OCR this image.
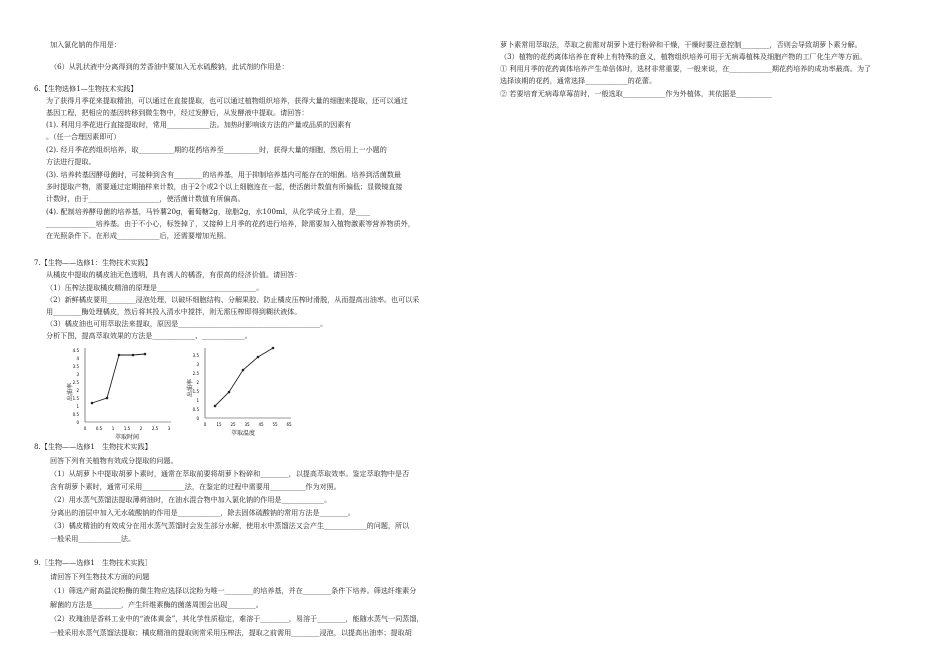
加入氯化钠的作用是：
（6）从乳状液中分离得到的芳香油中要加入无水硫酸钠，此试剂的作用是：
6.【生物选修1—生物技术实践】
为了获得月季花来提取精油，可以通过在直接提取，也可以通过植物组织培养，获得大量的细胞来提取，还可以通过
基因工程，把相应的基因转移到微生物中，经过发酵后，从发酵液中提取。请回答：
(1). 利用月季花进行直接提取时，常用____________法。加热时影响该方法的产量或品质的因素有
。（任一合理因素即可）
(2). 经月季花药组织培养，取__________期的花药培养至__________时，获得大量的细胞，然后用上一小题的
方法进行提取。
(3). 培养转基因酵母菌时，可接种到含有________的培养基，用于抑制培养基内可能存在的细菌。培养到活菌数最
多时提取产物，需要通过定期抽样来计数，由于2个或2个以上细胞连在一起，使活菌计数值有所偏低；显微镜直接
计数时，由于____________________，使活菌计数值有所偏高。
(4). 配制培养酵母菌的培养基，马铃薯20g，葡萄糖2g，琼脂2g，水100ml，从化学成分上看，是____
______________培养基。由于不小心，标签掉了，又接种上月季的花药进行培养，除需要加入植物激素等营养物质外，
在光照条件下。在形成____________后，还需要增加光照。
7.【生物——选修1：生物技术实践】
从橘皮中提取的橘皮油无色透明，具有诱人的橘香，有很高的经济价值。请回答：
（1）压榨法提取橘皮精油的原理是____________________________。
（2）新鲜橘皮要用________浸泡处理，以破坏细胞结构、分解果胶、防止橘皮压榨时滑脱，从而提高出油率。也可以采
用________酶处理橘皮，然后将其投入清水中搅拌，则无需压榨即得到糊状液体。
（3）橘皮油也可用萃取法来提取，原因是________________________________________。
分析下图，提高萃取效果的方法是____________、____________。
出油率
0
0.5
1
1.5
2
2.5
3
3.5
4
4.5
0 0.5 1 1.5 2 2.5 3
萃取时间
出油率
0
0.5
1
1.5
2
2.5
3
3.5
0	15 25 35 45 55 65
萃取温度
8.【生物——选修1　生物技术实践】
回答下列有关植物有效成分提取的问题。
（1）从胡萝卜中提取胡萝卜素时，通常在萃取前要将胡萝卜粉碎和________，以提高萃取效率。鉴定萃取物中是否
含有胡萝卜素时，通常可采用____________法，在鉴定的过程中需要用__________作为对照。
（2）用水蒸气蒸馏法提取薄荷油时，在油水混合物中加入氯化钠的作用是____________。
分离出的油层中加入无水硫酸钠的作用是____________，除去固体硫酸钠的常用方法是________。
（3）橘皮精油的有效成分在用水蒸气蒸馏时会发生部分水解，使用水中蒸馏法又会产生____________的问题，所以
一般采用____________法。
9.［生物——选修1　生物技术实践］
请回答下列生物技术方面的问题
（1）筛选产耐高温淀粉酶的微生物应选择以淀粉为唯一________的培养基，并在________条件下培养。筛选纤维素分
解菌的方法是________，产生纤维素酶的菌落周围会出现________。
（2）玫瑰油是香料工业中的“液体黄金”，其化学性质稳定，难溶于________，易溶于________，能随水蒸气一同蒸馏，
一般采用水蒸气蒸馏法提取；橘皮精油的提取则常采用压榨法，提取之前需用________浸泡，以提高出油率；提取胡
萝卜素常用萃取法，萃取之前需对胡萝卜进行粉碎和干燥，干燥时要注意控制________，否则会导致胡萝卜素分解。
（3）植物的花药离体培养在育种上有特殊的意义，植物组织培养可用于无病毒植株及细胞产物的工厂化生产等方面。
① 利用月季的花药离体培养产生单倍体时，选材非常重要，一般来说，在____________期花药培养的成功率最高。为了
选择该期的花药，通常选择____________的花蕾。
② 若要培育无病毒草莓苗时，一般选取____________作为外植体，其依据是__________
